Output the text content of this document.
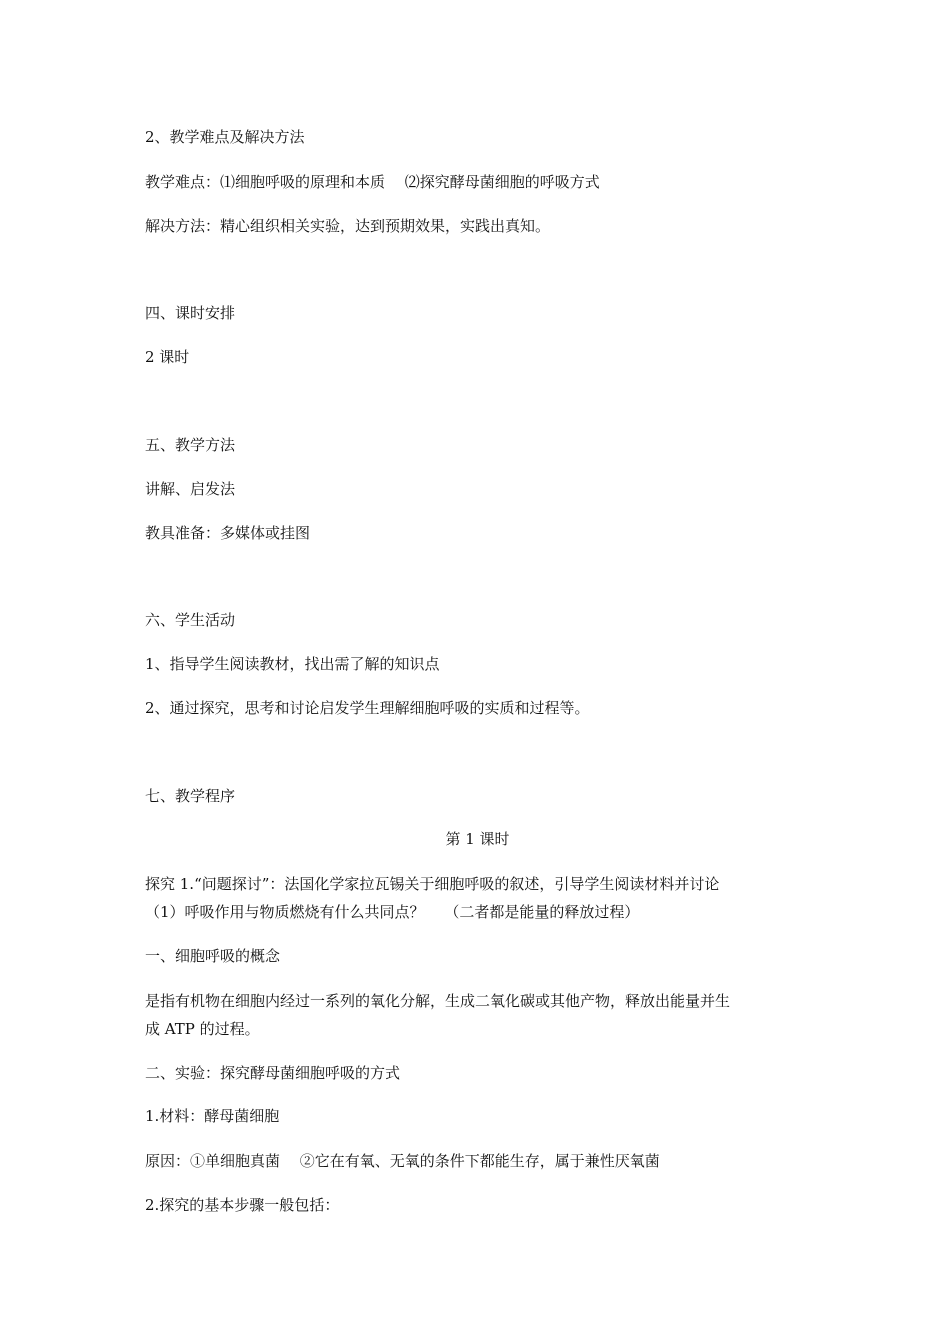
2、教学难点及解决方法
教学难点：⑴细胞呼吸的原理和本质　 ⑵探究酵母菌细胞的呼吸方式
解决方法：精心组织相关实验，达到预期效果，实践出真知。
四、课时安排
2 课时
五、教学方法
讲解、启发法
教具准备：多媒体或挂图
六、学生活动
1、指导学生阅读教材，找出需了解的知识点
2、通过探究，思考和讨论启发学生理解细胞呼吸的实质和过程等。
七、教学程序
第 1 课时
探究 1.“问题探讨”：法国化学家拉瓦锡关于细胞呼吸的叙述，引导学生阅读材料并讨论
（1）呼吸作用与物质燃烧有什么共同点？　 （二者都是能量的释放过程）
一、细胞呼吸的概念
是指有机物在细胞内经过一系列的氧化分解，生成二氧化碳或其他产物，释放出能量并生
成 ATP 的过程。
二、实验：探究酵母菌细胞呼吸的方式
1.材料：酵母菌细胞
原因：①单细胞真菌　 ②它在有氧、无氧的条件下都能生存，属于兼性厌氧菌
2.探究的基本步骤一般包括：
